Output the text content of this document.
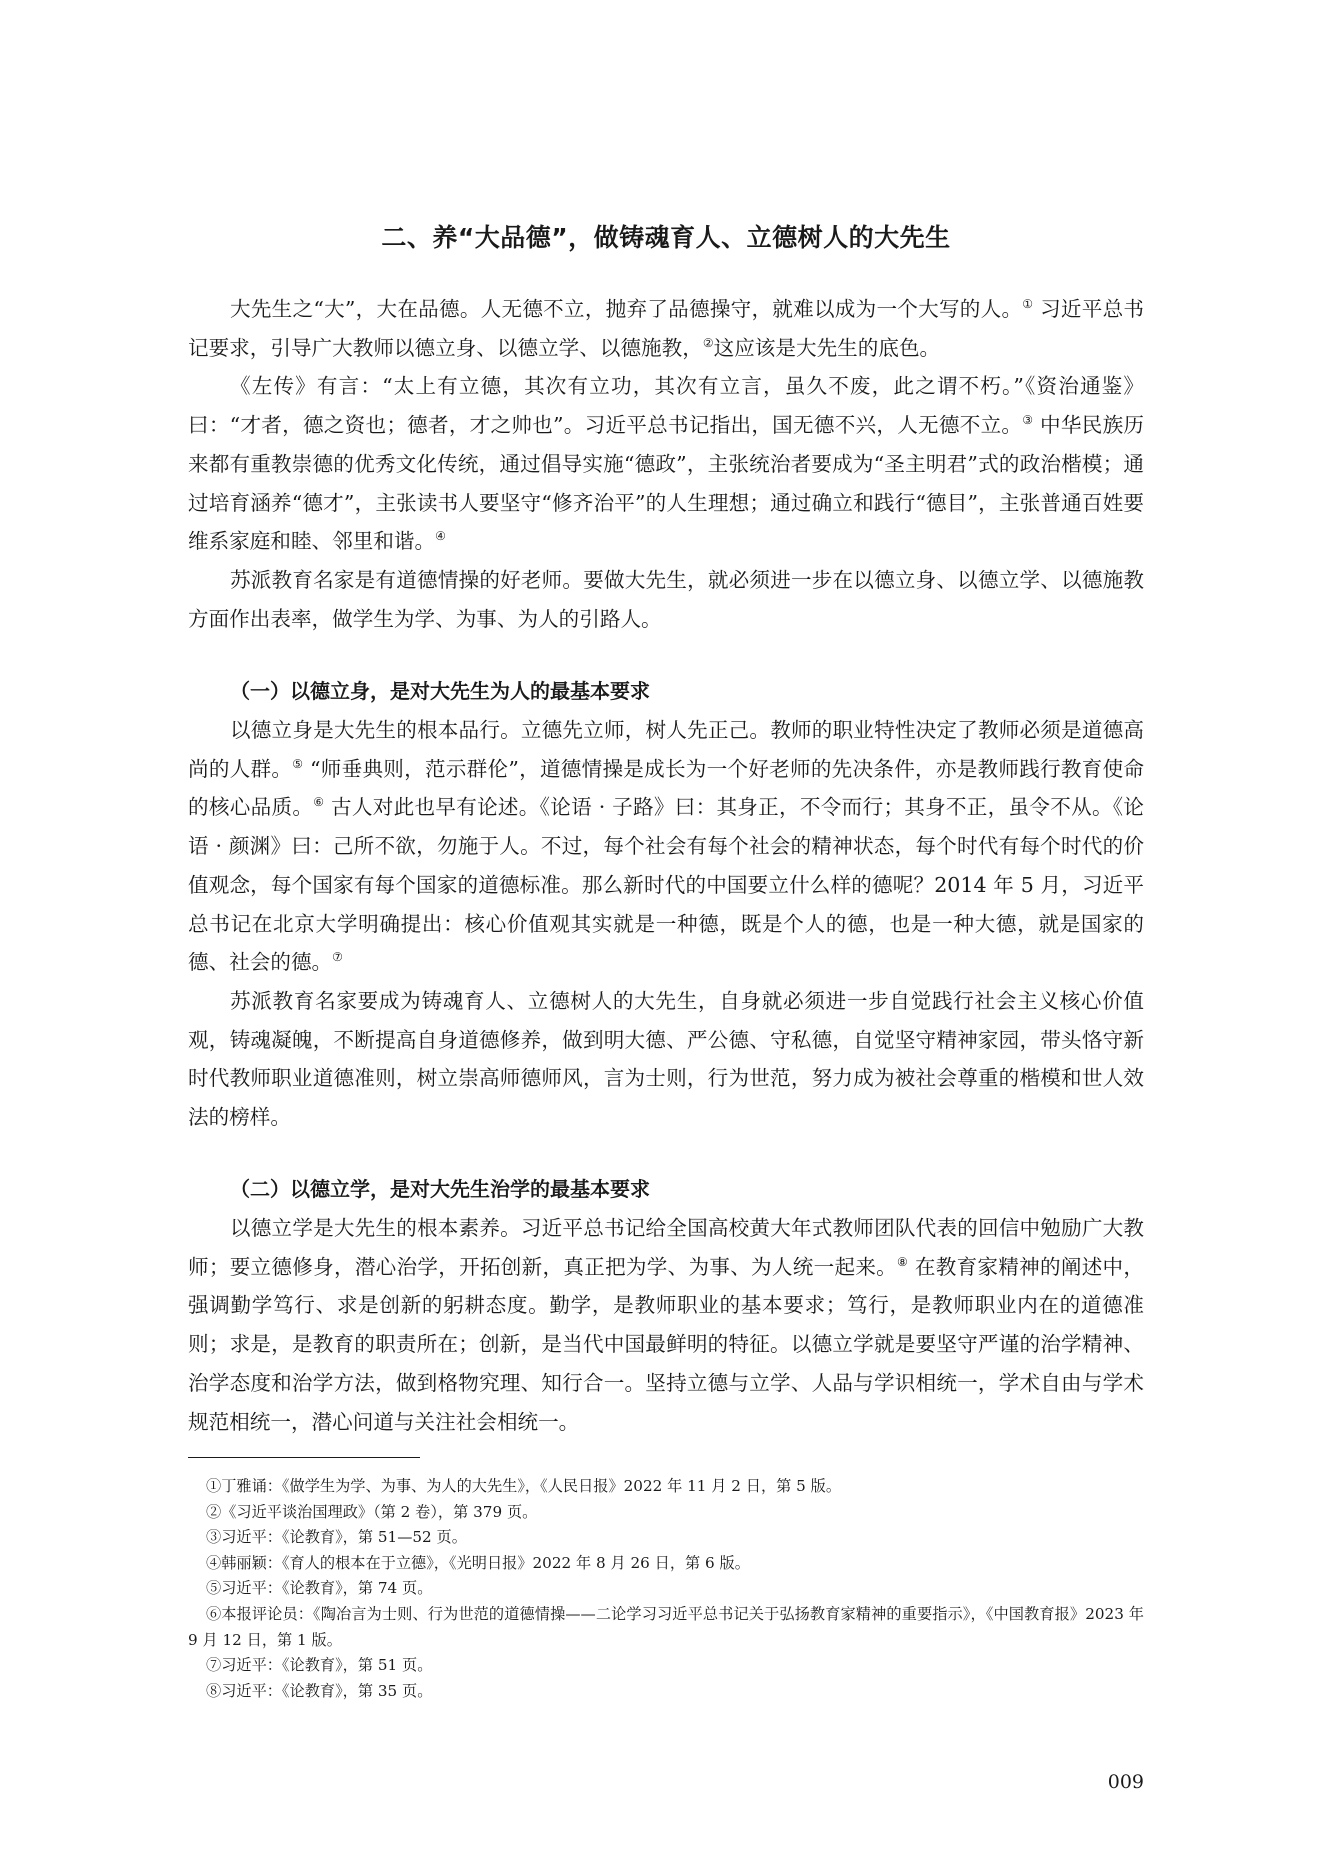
二、养“大品德”，做铸魂育人、立德树人的大先生

大先生之“大”，大在品德。人无德不立，抛弃了品德操守，就难以成为一个大写的人。① 习近平总书记要求，引导广大教师以德立身、以德立学、以德施教，②这应该是大先生的底色。

《左传》有言：“太上有立德，其次有立功，其次有立言，虽久不废，此之谓不朽。”《资治通鉴》曰：“才者，德之资也；德者，才之帅也”。习近平总书记指出，国无德不兴，人无德不立。③ 中华民族历来都有重教崇德的优秀文化传统，通过倡导实施“德政”，主张统治者要成为“圣主明君”式的政治楷模；通过培育涵养“德才”，主张读书人要坚守“修齐治平”的人生理想；通过确立和践行“德目”，主张普通百姓要维系家庭和睦、邻里和谐。④

苏派教育名家是有道德情操的好老师。要做大先生，就必须进一步在以德立身、以德立学、以德施教方面作出表率，做学生为学、为事、为人的引路人。

（一）以德立身，是对大先生为人的最基本要求

以德立身是大先生的根本品行。立德先立师，树人先正己。教师的职业特性决定了教师必须是道德高尚的人群。⑤ “师垂典则，范示群伦”，道德情操是成长为一个好老师的先决条件，亦是教师践行教育使命的核心品质。⑥ 古人对此也早有论述。《论语 · 子路》曰：其身正，不令而行；其身不正，虽令不从。《论语 · 颜渊》曰：己所不欲，勿施于人。不过，每个社会有每个社会的精神状态，每个时代有每个时代的价值观念，每个国家有每个国家的道德标准。那么新时代的中国要立什么样的德呢？2014 年 5 月，习近平总书记在北京大学明确提出：核心价值观其实就是一种德，既是个人的德，也是一种大德，就是国家的德、社会的德。⑦

苏派教育名家要成为铸魂育人、立德树人的大先生，自身就必须进一步自觉践行社会主义核心价值观，铸魂凝魄，不断提高自身道德修养，做到明大德、严公德、守私德，自觉坚守精神家园，带头恪守新时代教师职业道德准则，树立崇高师德师风，言为士则，行为世范，努力成为被社会尊重的楷模和世人效法的榜样。

（二）以德立学，是对大先生治学的最基本要求

以德立学是大先生的根本素养。习近平总书记给全国高校黄大年式教师团队代表的回信中勉励广大教师；要立德修身，潜心治学，开拓创新，真正把为学、为事、为人统一起来。⑧ 在教育家精神的阐述中，强调勤学笃行、求是创新的躬耕态度。勤学，是教师职业的基本要求；笃行，是教师职业内在的道德准则；求是，是教育的职责所在；创新，是当代中国最鲜明的特征。以德立学就是要坚守严谨的治学精神、治学态度和治学方法，做到格物究理、知行合一。坚持立德与立学、人品与学识相统一，学术自由与学术规范相统一，潜心问道与关注社会相统一。

①丁雅诵：《做学生为学、为事、为人的大先生》，《人民日报》2022 年 11 月 2 日，第 5 版。

②《习近平谈治国理政》（第 2 卷），第 379 页。

③习近平：《论教育》，第 51—52 页。

④韩丽颖：《育人的根本在于立德》，《光明日报》2022 年 8 月 26 日，第 6 版。

⑤习近平：《论教育》，第 74 页。

⑥本报评论员：《陶冶言为士则、行为世范的道德情操——二论学习习近平总书记关于弘扬教育家精神的重要指示》，《中国教育报》2023 年 9 月 12 日，第 1 版。

⑦习近平：《论教育》，第 51 页。

⑧习近平：《论教育》，第 35 页。

009
